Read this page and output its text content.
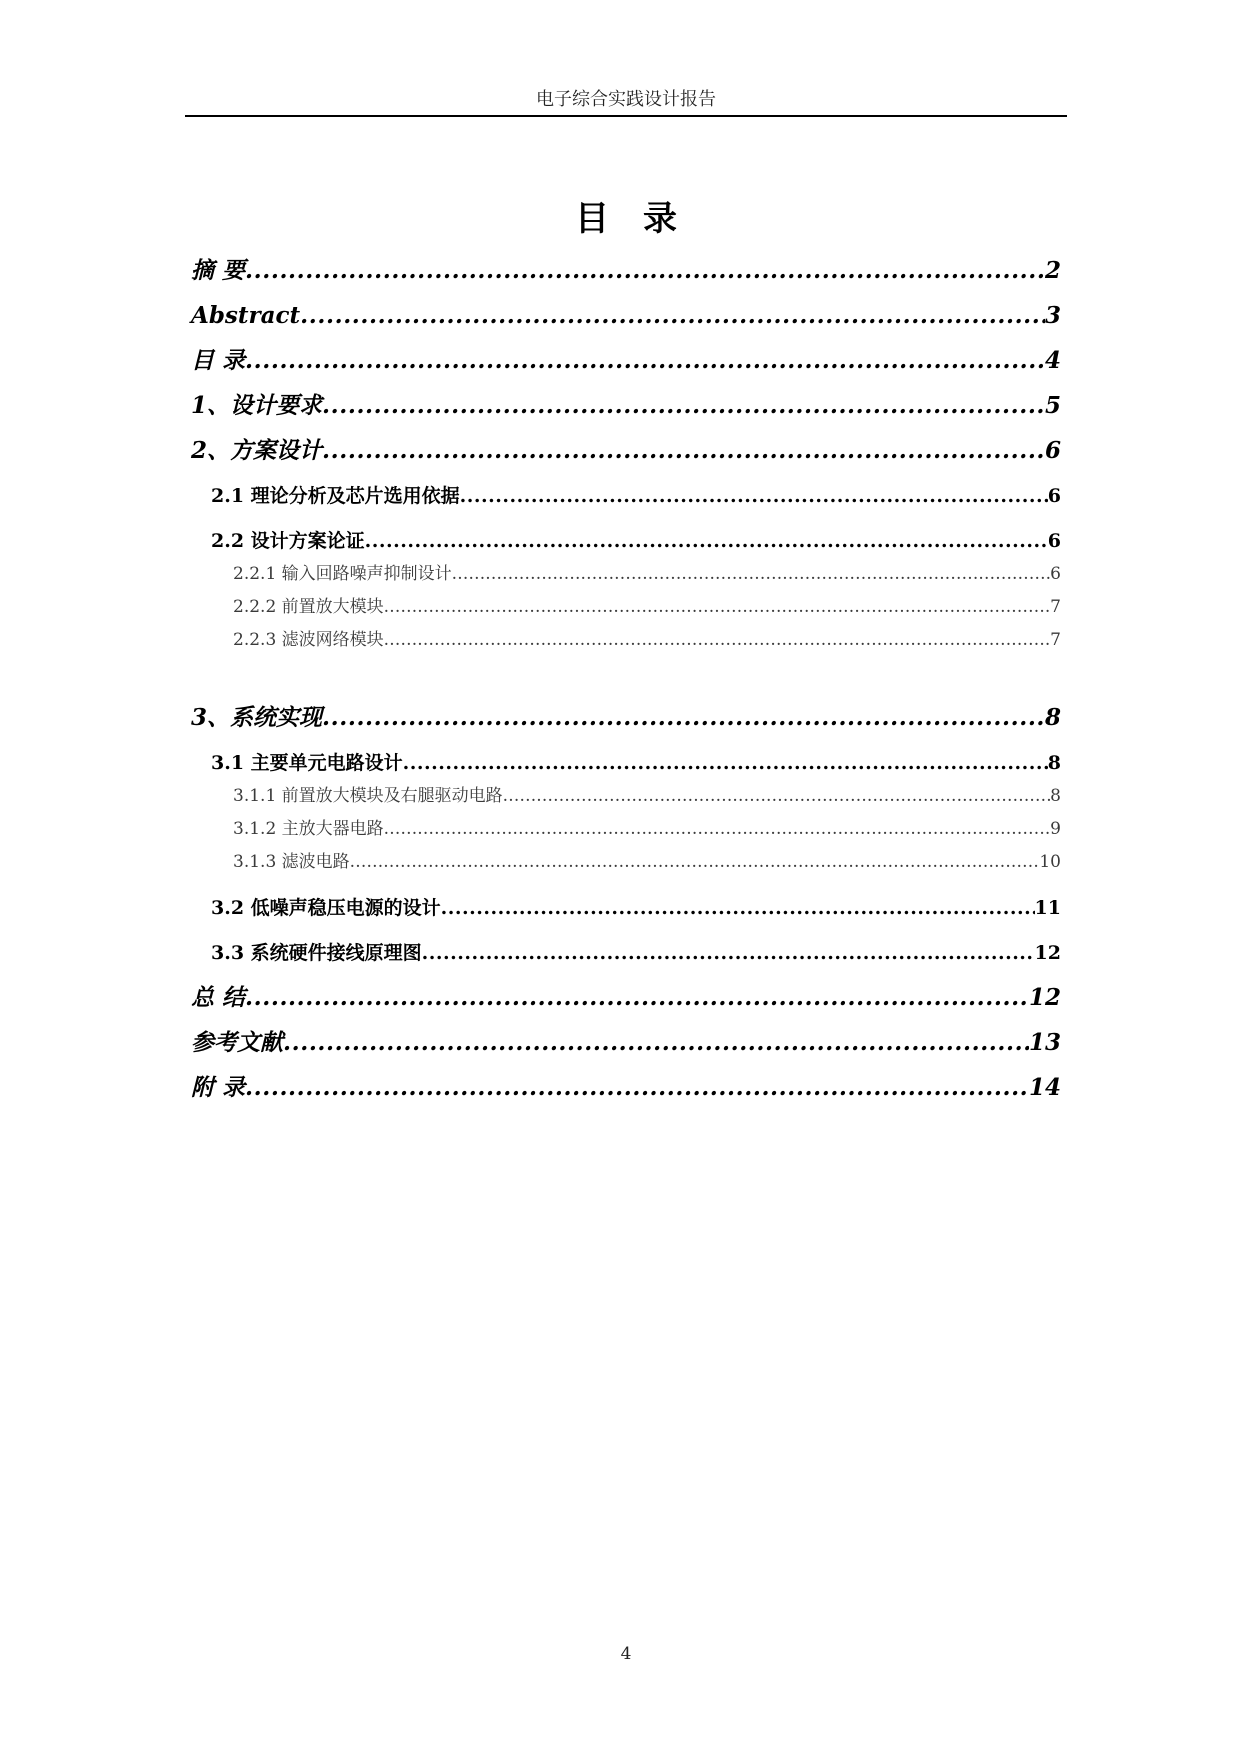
电子综合实践设计报告
目录
摘 要 .....	2
Abstract .....	3
目 录 .....	4
1、设计要求 .....	5
2、方案设计 .....	6
2.1 理论分析及芯片选用依据 .....	6
2.2 设计方案论证 .....	6
2.2.1 输入回路噪声抑制设计 .....	6
2.2.2 前置放大模块 .....	7
2.2.3 滤波网络模块 .....	7
3、系统实现 .....	8
3.1 主要单元电路设计 .....	8
3.1.1 前置放大模块及右腿驱动电路 .....	8
3.1.2 主放大器电路 .....	9
3.1.3 滤波电路 .....	10
3.2 低噪声稳压电源的设计 .....	11
3.3 系统硬件接线原理图 .....	12
总 结 .....	12
参考文献 .....	13
附 录 .....	14
4
